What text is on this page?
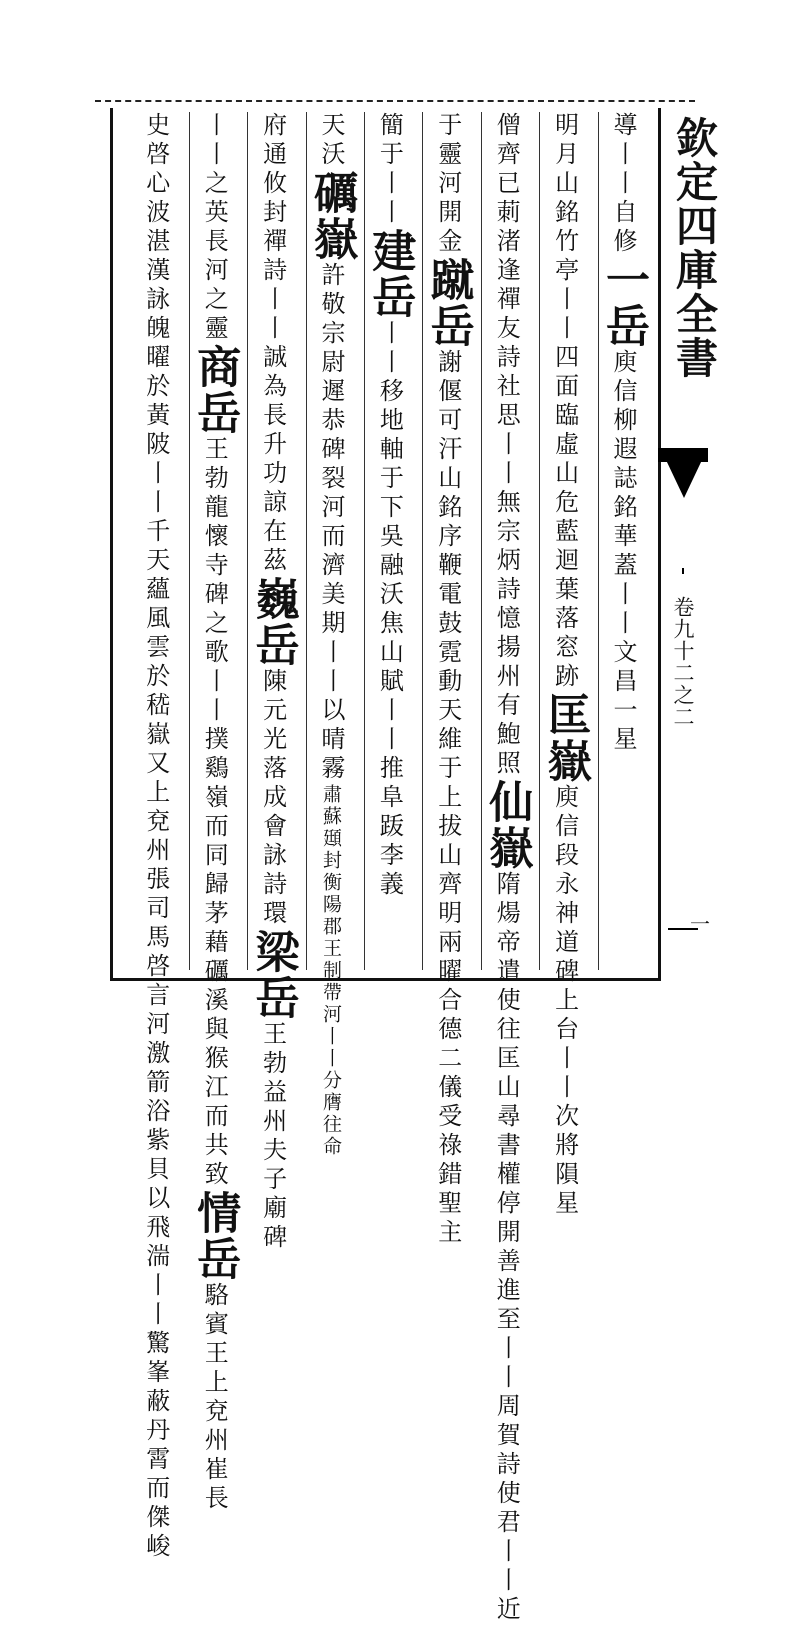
欽定四庫全書
卷九十二之二
一
導丨丨自修一岳庾信柳遐誌銘華蓋丨丨文昌一星
明月山銘竹亭丨丨四面臨虛山危藍迴葉落窓跡匡嶽庾信段永神道碑上台丨丨次將隕星
僧齊已莿渚逢禪友詩社思丨丨無宗炳詩憶揚州有鮑照仙嶽隋煬帝遣使往匡山尋書權停開善進至丨丨周賀詩使君丨丨近
于靈河開金蹴岳謝偃可汗山銘序鞭電鼓霓動天維于上拔山齊明兩曜合德二儀受祿錯聖主
簡于丨丨建岳丨丨移地軸于下吳融沃焦山賦丨丨推阜䟦李義
天沃礪嶽許敬宗尉遲恭碑裂河而濟美期丨丨以晴霧肅蘇頲封衡陽郡王制帶河丨丨分膺往命
府通攸封禪詩丨丨誠為長升功諒在茲巍岳陳元光落成會詠詩環梁岳王勃益州夫子廟碑
丨丨之英長河之靈商岳王勃龍懷寺碑之歌丨丨撲鷄嶺而同歸茅藉礪溪與猴江而共致情岳駱賓王上兗州崔長
史啓心波湛漢詠魄曜於黃陂丨丨千天蘊風雲於嵇嶽又上兗州張司馬啓言河激箭浴紫貝以飛湍丨丨驚峯蔽丹霄而傑峻
